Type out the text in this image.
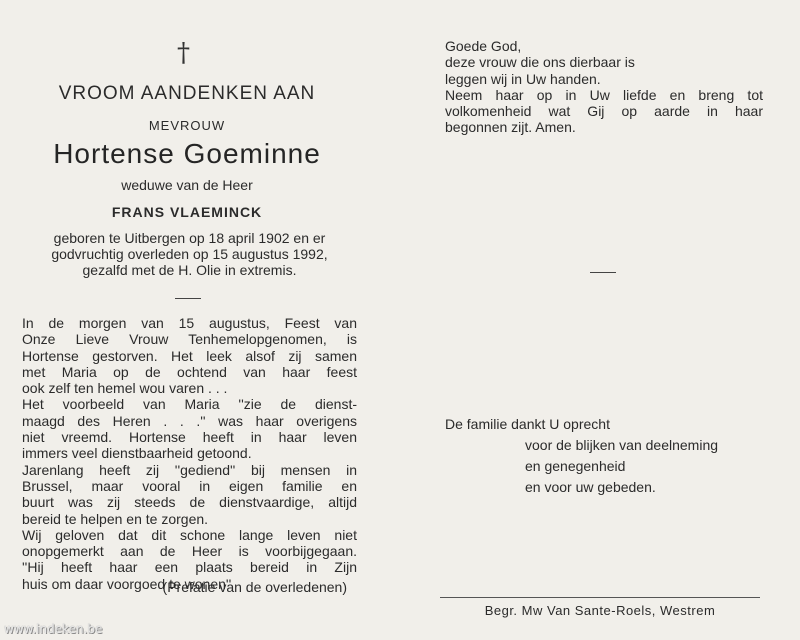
†
VROOM AANDENKEN AAN
MEVROUW
Hortense Goeminne
weduwe van de Heer
FRANS VLAEMINCK
geboren te Uitbergen op 18 april 1902 en er
godvruchtig overleden op 15 augustus 1992,
gezalfd met de H. Olie in extremis.

In de morgen van 15 augustus, Feest van
Onze Lieve Vrouw Tenhemelopgenomen, is
Hortense gestorven. Het leek alsof zij samen
met Maria op de ochtend van haar feest
ook zelf ten hemel wou varen . . .

Het voorbeeld van Maria ''zie de dienst-
maagd des Heren . . .'' was haar overigens
niet vreemd. Hortense heeft in haar leven
immers veel dienstbaarheid getoond.

Jarenlang heeft zij ''gediend'' bij mensen in
Brussel, maar vooral in eigen familie en
buurt was zij steeds de dienstvaardige, altijd
bereid te helpen en te zorgen.

Wij geloven dat dit schone lange leven niet
onopgemerkt aan de Heer is voorbijgegaan.
''Hij heeft haar een plaats bereid in Zijn
huis om daar voorgoed te wonen''

(Prefatie van de overledenen)

Goede God,

deze vrouw die ons dierbaar is

leggen wij in Uw handen.

Neem haar op in Uw liefde en breng tot
volkomenheid wat Gij op aarde in haar
begonnen zijt. Amen.

De familie dankt U oprecht
voor de blijken van deelneming
en genegenheid
en voor uw gebeden.
Begr. Mw Van Sante-Roels, Westrem
www.indeken.be
